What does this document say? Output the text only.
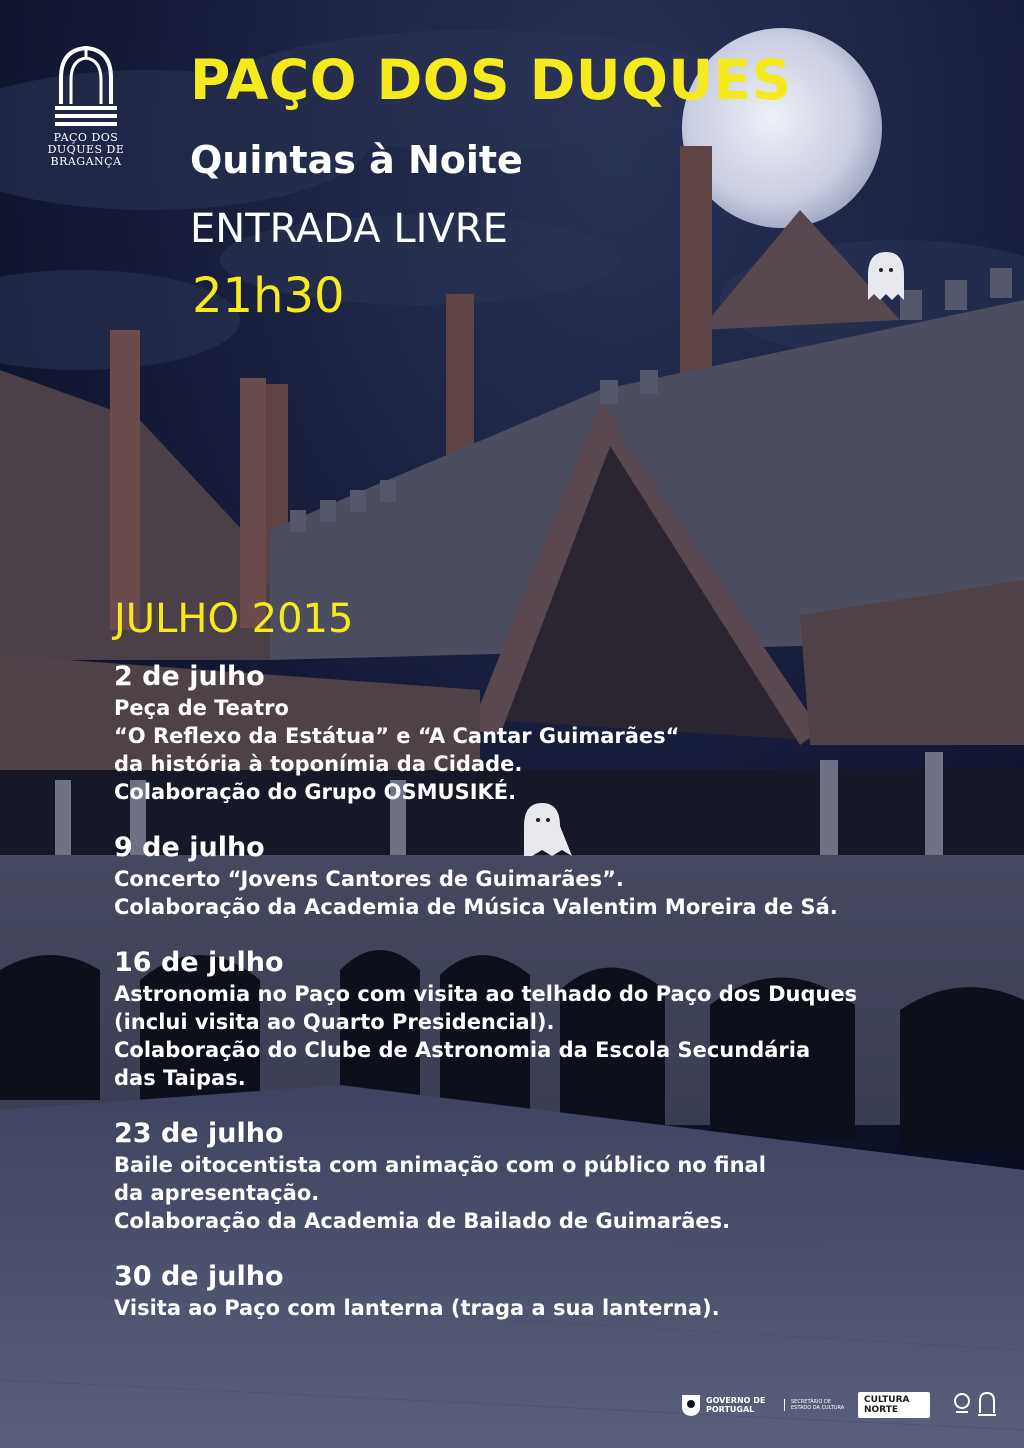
PAÇO DOS
DUQUES DE
BRAGANÇA
PAÇO DOS DUQUES
Quintas à Noite
ENTRADA LIVRE
21h30
JULHO 2015
2 de julho
Peça de Teatro
“O Reflexo da Estátua” e “A Cantar Guimarães“
da história à toponímia da Cidade.
Colaboração do Grupo OSMUSIKÉ.
9 de julho
Concerto “Jovens Cantores de Guimarães”.
Colaboração da Academia de Música Valentim Moreira de Sá.
16 de julho
Astronomia no Paço com visita ao telhado do Paço dos Duques
(inclui visita ao Quarto Presidencial).
Colaboração do Clube de Astronomia da Escola Secundária
das Taipas.
23 de julho
Baile oitocentista com animação com o público no final
da apresentação.
Colaboração da Academia de Bailado de Guimarães.
30 de julho
Visita ao Paço com lanterna (traga a sua lanterna).
GOVERNO DE PORTUGAL
SECRETÁRIO DE ESTADO DA CULTURA
CULTURA NORTE
